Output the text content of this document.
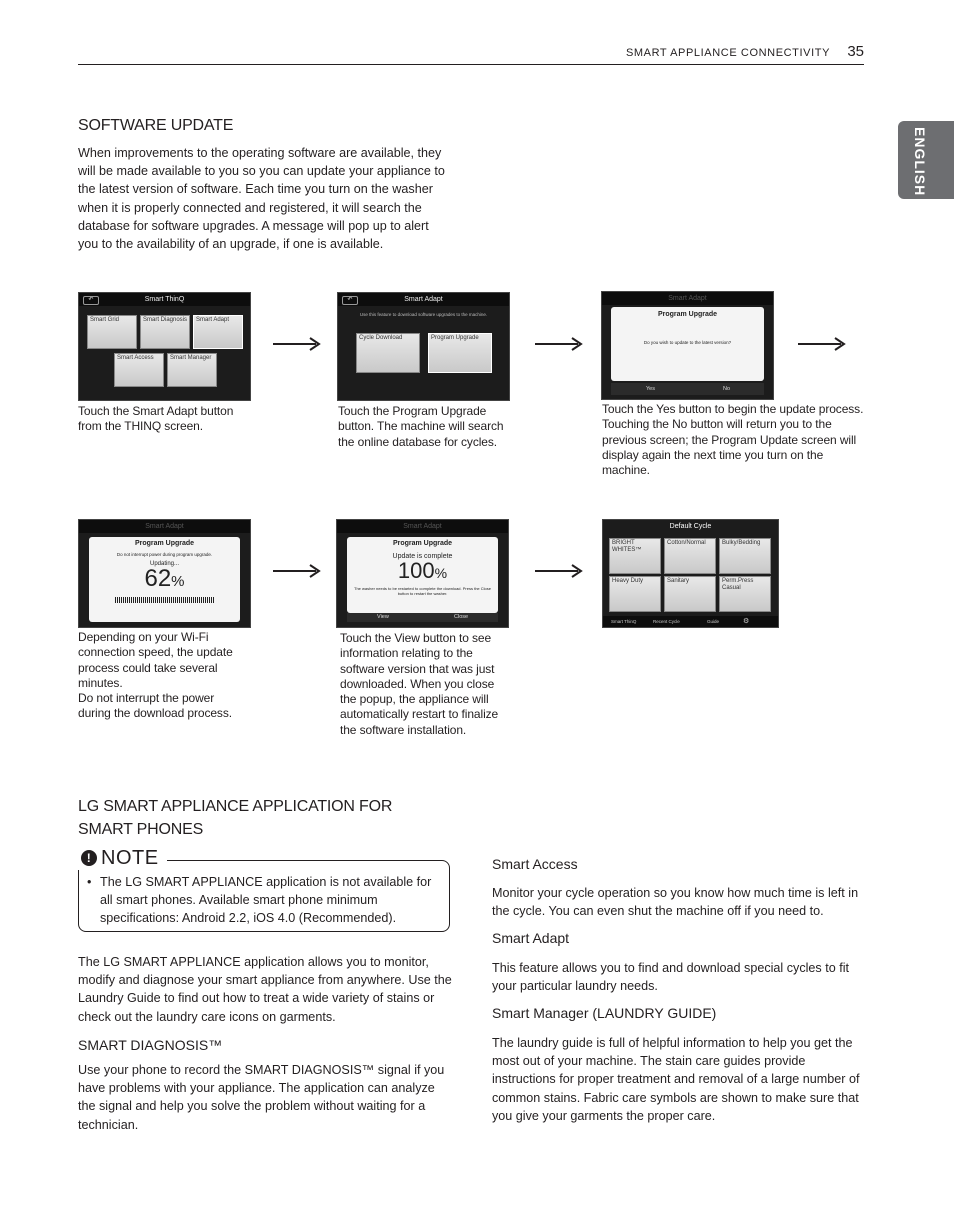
SMART APPLIANCE CONNECTIVITY 35
ENGLISH
SOFTWARE UPDATE

When improvements to the operating software are available, they will be made available to you so you can update your appliance to the latest version of software. Each time you turn on the washer when it is properly connected and registered, it will search the database for software upgrades. A message will pop up to alert you to the availability of an upgrade, if one is available.

Smart ThinQ
↶
Smart Grid	Smart Diagnosis	Smart Adapt
Smart Access	Smart Manager
Smart Adapt
↶
Use this feature to download software upgrades to the machine.
Cycle Download	Program Upgrade
Smart Adapt
Program Upgrade
Do you wish to update to the latest version?
Yes	No

Touch the Smart Adapt button from the THINQ screen.

Touch the Program Upgrade button. The machine will search the online database for cycles.

Touch the Yes button to begin the update process. Touching the No button will return you to the previous screen; the Program Update screen will display again the next time you turn on the machine.

Smart Adapt
Program Upgrade
Do not interrupt power during program upgrade.
Updating...
62%
Smart Adapt
Program Upgrade
Update is complete
100%
The washer needs to be restarted to complete the download. Press the Close button to restart the washer.
View	Close
Default Cycle
BRIGHT WHITES™
Cotton/Normal	Bulky/Bedding
Heavy Duty	Sanitary	Perm.Press Casual
Smart ThinQ	Recent Cycle	Guide	⚙

Depending on your Wi-Fi connection speed, the update process could take several minutes.

Do not interrupt the power during the download process.

Touch the View button to see information relating to the software version that was just downloaded. When you close the popup, the appliance will automatically restart to finalize the software installation.

LG SMART APPLIANCE APPLICATION FOR
SMART PHONES
! NOTE
• The LG SMART APPLIANCE application is not available for all smart phones. Available smart phone minimum specifications: Android 2.2, iOS 4.0 (Recommended).

The LG SMART APPLIANCE application allows you to monitor, modify and diagnose your smart appliance from anywhere. Use the Laundry Guide to find out how to treat a wide variety of stains or check out the laundry care icons on garments.

SMART DIAGNOSIS™

Use your phone to record the SMART DIAGNOSIS™ signal if you have problems with your appliance. The application can analyze the signal and help you solve the problem without waiting for a technician.

Smart Access

Monitor your cycle operation so you know how much time is left in the cycle. You can even shut the machine off if you need to.

Smart Adapt

This feature allows you to find and download special cycles to fit your particular laundry needs.

Smart Manager (LAUNDRY GUIDE)

The laundry guide is full of helpful information to help you get the most out of your machine. The stain care guides provide instructions for proper treatment and removal of a large number of common stains. Fabric care symbols are shown to make sure that you give your garments the proper care.
